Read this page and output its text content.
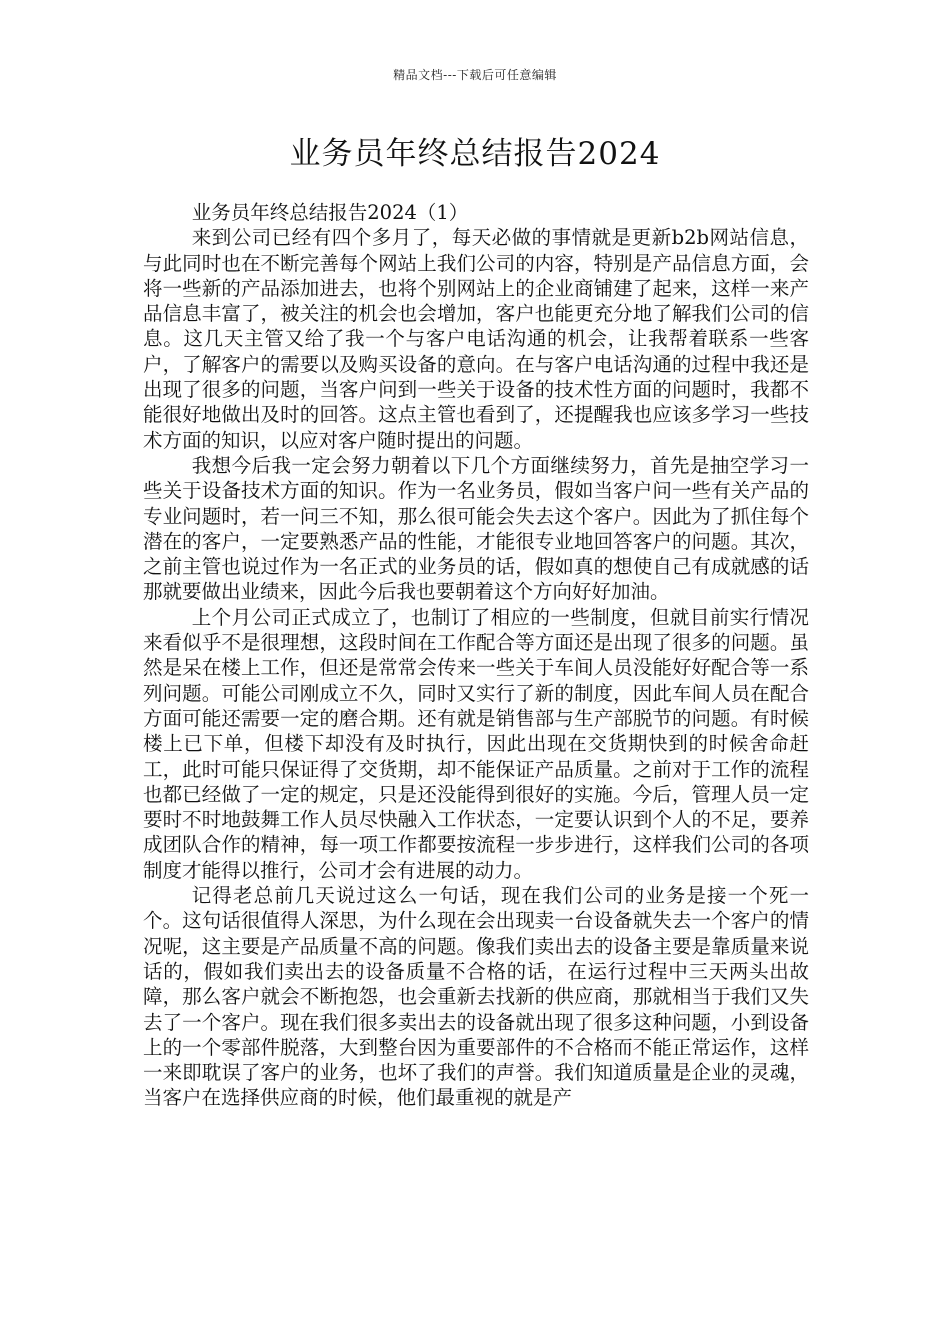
精品文档---下载后可任意编辑
业务员年终总结报告2024

业务员年终总结报告2024（1）

来到公司已经有四个多月了，每天必做的事情就是更新b2b网站信息，与此同时也在不断完善每个网站上我们公司的内容，特别是产品信息方面，会将一些新的产品添加进去，也将个别网站上的企业商铺建了起来，这样一来产品信息丰富了，被关注的机会也会增加，客户也能更充分地了解我们公司的信息。这几天主管又给了我一个与客户电话沟通的机会，让我帮着联系一些客户，了解客户的需要以及购买设备的意向。在与客户电话沟通的过程中我还是出现了很多的问题，当客户问到一些关于设备的技术性方面的问题时，我都不能很好地做出及时的回答。这点主管也看到了，还提醒我也应该多学习一些技术方面的知识，以应对客户随时提出的问题。

我想今后我一定会努力朝着以下几个方面继续努力，首先是抽空学习一些关于设备技术方面的知识。作为一名业务员，假如当客户问一些有关产品的专业问题时，若一问三不知，那么很可能会失去这个客户。因此为了抓住每个潜在的客户，一定要熟悉产品的性能，才能很专业地回答客户的问题。其次，之前主管也说过作为一名正式的业务员的话，假如真的想使自己有成就感的话那就要做出业绩来，因此今后我也要朝着这个方向好好加油。

上个月公司正式成立了，也制订了相应的一些制度，但就目前实行情况来看似乎不是很理想，这段时间在工作配合等方面还是出现了很多的问题。虽然是呆在楼上工作，但还是常常会传来一些关于车间人员没能好好配合等一系列问题。可能公司刚成立不久，同时又实行了新的制度，因此车间人员在配合方面可能还需要一定的磨合期。还有就是销售部与生产部脱节的问题。有时候楼上已下单，但楼下却没有及时执行，因此出现在交货期快到的时候舍命赶工，此时可能只保证得了交货期，却不能保证产品质量。之前对于工作的流程也都已经做了一定的规定，只是还没能得到很好的实施。今后，管理人员一定要时不时地鼓舞工作人员尽快融入工作状态，一定要认识到个人的不足，要养成团队合作的精神，每一项工作都要按流程一步步进行，这样我们公司的各项制度才能得以推行，公司才会有进展的动力。

记得老总前几天说过这么一句话，现在我们公司的业务是接一个死一个。这句话很值得人深思，为什么现在会出现卖一台设备就失去一个客户的情况呢，这主要是产品质量不高的问题。像我们卖出去的设备主要是靠质量来说话的，假如我们卖出去的设备质量不合格的话，在运行过程中三天两头出故障，那么客户就会不断抱怨，也会重新去找新的供应商，那就相当于我们又失去了一个客户。现在我们很多卖出去的设备就出现了很多这种问题，小到设备上的一个零部件脱落，大到整台因为重要部件的不合格而不能正常运作，这样一来即耽误了客户的业务，也坏了我们的声誉。我们知道质量是企业的灵魂，当客户在选择供应商的时候，他们最重视的就是产
